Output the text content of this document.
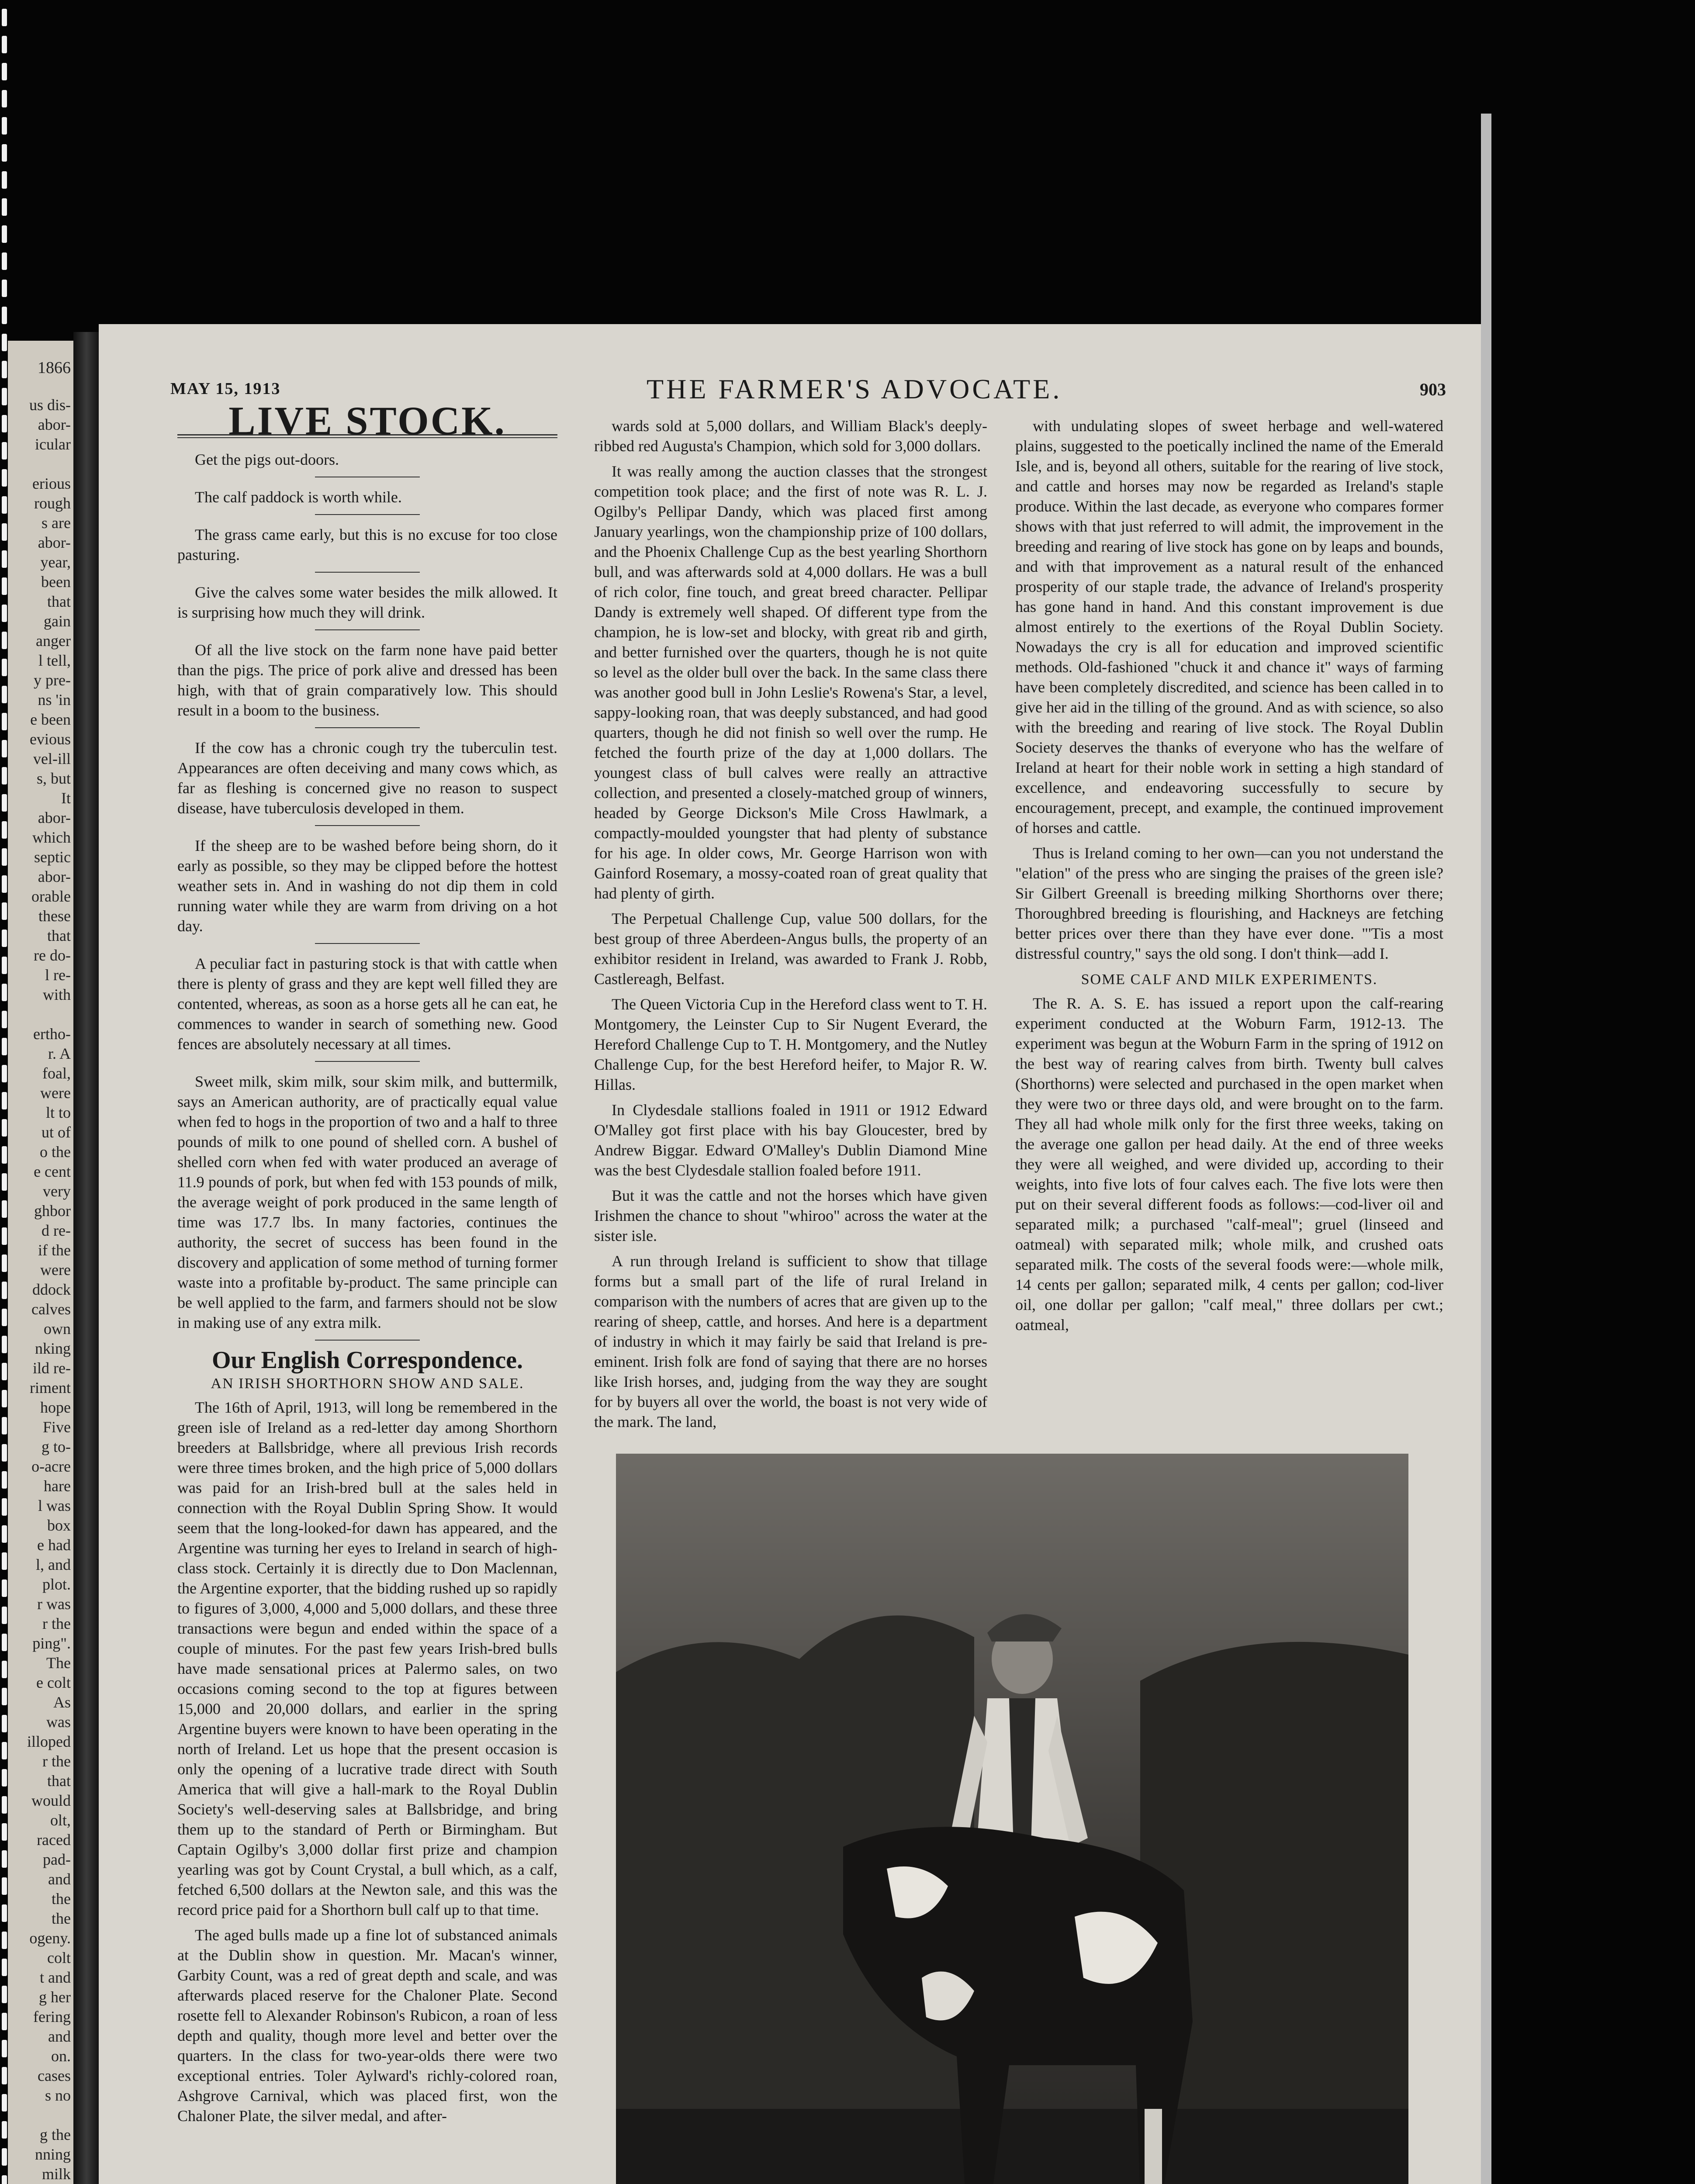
1866
us dis-
abor-
icular

erious
rough
s are
abor-
year,
been
that
gain
anger
l tell,
y pre-
ns 'in
e been
evious
vel-ill
s, but
It
abor-
which
septic
abor-
orable
these
that
re do-
l re-
with

ertho-
r. A
foal,
were
lt to
ut of
o the
e cent
very
ghbor
d re-
if the
were
ddock
calves
own
nking
ild re-
riment
hope
Five
g to-
o-acre
hare
l was
box
e had
l, and
plot.
r was
r the
ping".
The
e colt
As
was
illoped
r the
that
would
olt,
raced
pad-
and
the
the
ogeny.
colt
t and
g her
fering
and
on.
cases
s no

g the
nning
milk
MAY 15, 1913	THE FARMER'S ADVOCATE.	903
LIVE STOCK.

Get the pigs out-doors.

The calf paddock is worth while.

The grass came early, but this is no excuse for too close pasturing.

Give the calves some water besides the milk allowed. It is surprising how much they will drink.

Of all the live stock on the farm none have paid better than the pigs. The price of pork alive and dressed has been high, with that of grain comparatively low. This should result in a boom to the business.

If the cow has a chronic cough try the tuberculin test. Appearances are often deceiving and many cows which, as far as fleshing is concerned give no reason to suspect disease, have tuberculosis developed in them.

If the sheep are to be washed before being shorn, do it early as possible, so they may be clipped before the hottest weather sets in. And in washing do not dip them in cold running water while they are warm from driving on a hot day.

A peculiar fact in pasturing stock is that with cattle when there is plenty of grass and they are kept well filled they are contented, whereas, as soon as a horse gets all he can eat, he commences to wander in search of something new. Good fences are absolutely necessary at all times.

Sweet milk, skim milk, sour skim milk, and buttermilk, says an American authority, are of practically equal value when fed to hogs in the proportion of two and a half to three pounds of milk to one pound of shelled corn. A bushel of shelled corn when fed with water produced an average of 11.9 pounds of pork, but when fed with 153 pounds of milk, the average weight of pork produced in the same length of time was 17.7 lbs. In many factories, continues the authority, the secret of success has been found in the discovery and application of some method of turning former waste into a profitable by-product. The same principle can be well applied to the farm, and farmers should not be slow in making use of any extra milk.

Our English Correspondence.
AN IRISH SHORTHORN SHOW AND SALE.

The 16th of April, 1913, will long be remembered in the green isle of Ireland as a red-letter day among Shorthorn breeders at Ballsbridge, where all previous Irish records were three times broken, and the high price of 5,000 dollars was paid for an Irish-bred bull at the sales held in connection with the Royal Dublin Spring Show. It would seem that the long-looked-for dawn has appeared, and the Argentine was turning her eyes to Ireland in search of high-class stock. Certainly it is directly due to Don Maclennan, the Argentine exporter, that the bidding rushed up so rapidly to figures of 3,000, 4,000 and 5,000 dollars, and these three transactions were begun and ended within the space of a couple of minutes. For the past few years Irish-bred bulls have made sensational prices at Palermo sales, on two occasions coming second to the top at figures between 15,000 and 20,000 dollars, and earlier in the spring Argentine buyers were known to have been operating in the north of Ireland. Let us hope that the present occasion is only the opening of a lucrative trade direct with South America that will give a hall-mark to the Royal Dublin Society's well-deserving sales at Ballsbridge, and bring them up to the standard of Perth or Birmingham. But Captain Ogilby's 3,000 dollar first prize and champion yearling was got by Count Crystal, a bull which, as a calf, fetched 6,500 dollars at the Newton sale, and this was the record price paid for a Shorthorn bull calf up to that time.

The aged bulls made up a fine lot of substanced animals at the Dublin show in question. Mr. Macan's winner, Garbity Count, was a red of great depth and scale, and was afterwards placed reserve for the Chaloner Plate. Second rosette fell to Alexander Robinson's Rubicon, a roan of less depth and quality, though more level and better over the quarters. In the class for two-year-olds there were two exceptional entries. Toler Aylward's richly-colored roan, Ashgrove Carnival, which was placed first, won the Chaloner Plate, the silver medal, and after-

wards sold at 5,000 dollars, and William Black's deeply-ribbed red Augusta's Champion, which sold for 3,000 dollars.

It was really among the auction classes that the strongest competition took place; and the first of note was R. L. J. Ogilby's Pellipar Dandy, which was placed first among January yearlings, won the championship prize of 100 dollars, and the Phoenix Challenge Cup as the best yearling Shorthorn bull, and was afterwards sold at 4,000 dollars. He was a bull of rich color, fine touch, and great breed character. Pellipar Dandy is extremely well shaped. Of different type from the champion, he is low-set and blocky, with great rib and girth, and better furnished over the quarters, though he is not quite so level as the older bull over the back. In the same class there was another good bull in John Leslie's Rowena's Star, a level, sappy-looking roan, that was deeply substanced, and had good quarters, though he did not finish so well over the rump. He fetched the fourth prize of the day at 1,000 dollars. The youngest class of bull calves were really an attractive collection, and presented a closely-matched group of winners, headed by George Dickson's Mile Cross Hawlmark, a compactly-moulded youngster that had plenty of substance for his age. In older cows, Mr. George Harrison won with Gainford Rosemary, a mossy-coated roan of great quality that had plenty of girth.

The Perpetual Challenge Cup, value 500 dollars, for the best group of three Aberdeen-Angus bulls, the property of an exhibitor resident in Ireland, was awarded to Frank J. Robb, Castlereagh, Belfast.

The Queen Victoria Cup in the Hereford class went to T. H. Montgomery, the Leinster Cup to Sir Nugent Everard, the Hereford Challenge Cup to T. H. Montgomery, and the Nutley Challenge Cup, for the best Hereford heifer, to Major R. W. Hillas.

In Clydesdale stallions foaled in 1911 or 1912 Edward O'Malley got first place with his bay Gloucester, bred by Andrew Biggar. Edward O'Malley's Dublin Diamond Mine was the best Clydesdale stallion foaled before 1911.

But it was the cattle and not the horses which have given Irishmen the chance to shout "whiroo" across the water at the sister isle.

A run through Ireland is sufficient to show that tillage forms but a small part of the life of rural Ireland in comparison with the numbers of acres that are given up to the rearing of sheep, cattle, and horses. And here is a department of industry in which it may fairly be said that Ireland is pre-eminent. Irish folk are fond of saying that there are no horses like Irish horses, and, judging from the way they are sought for by buyers all over the world, the boast is not very wide of the mark. The land,

with undulating slopes of sweet herbage and well-watered plains, suggested to the poetically inclined the name of the Emerald Isle, and is, beyond all others, suitable for the rearing of live stock, and cattle and horses may now be regarded as Ireland's staple produce. Within the last decade, as everyone who compares former shows with that just referred to will admit, the improvement in the breeding and rearing of live stock has gone on by leaps and bounds, and with that improvement as a natural result of the enhanced prosperity of our staple trade, the advance of Ireland's prosperity has gone hand in hand. And this constant improvement is due almost entirely to the exertions of the Royal Dublin Society. Nowadays the cry is all for education and improved scientific methods. Old-fashioned "chuck it and chance it" ways of farming have been completely discredited, and science has been called in to give her aid in the tilling of the ground. And as with science, so also with the breeding and rearing of live stock. The Royal Dublin Society deserves the thanks of everyone who has the welfare of Ireland at heart for their noble work in setting a high standard of excellence, and endeavoring successfully to secure by encouragement, precept, and example, the continued improvement of horses and cattle.

Thus is Ireland coming to her own—can you not understand the "elation" of the press who are singing the praises of the green isle? Sir Gilbert Greenall is breeding milking Shorthorns over there; Thoroughbred breeding is flourishing, and Hackneys are fetching better prices over there than they have ever done. "'Tis a most distressful country," says the old song. I don't think—add I.

SOME CALF AND MILK EXPERIMENTS.

The R. A. S. E. has issued a report upon the calf-rearing experiment conducted at the Woburn Farm, 1912-13. The experiment was begun at the Woburn Farm in the spring of 1912 on the best way of rearing calves from birth. Twenty bull calves (Shorthorns) were selected and purchased in the open market when they were two or three days old, and were brought on to the farm. They all had whole milk only for the first three weeks, taking on the average one gallon per head daily. At the end of three weeks they were all weighed, and were divided up, according to their weights, into five lots of four calves each. The five lots were then put on their several different foods as follows:—cod-liver oil and separated milk; a purchased "calf-meal"; gruel (linseed and oatmeal) with separated milk; whole milk, and crushed oats separated milk. The costs of the several foods were:—whole milk, 14 cents per gallon; separated milk, 4 cents per gallon; cod-liver oil, one dollar per gallon; "calf meal," three dollars per cwt.; oatmeal,
